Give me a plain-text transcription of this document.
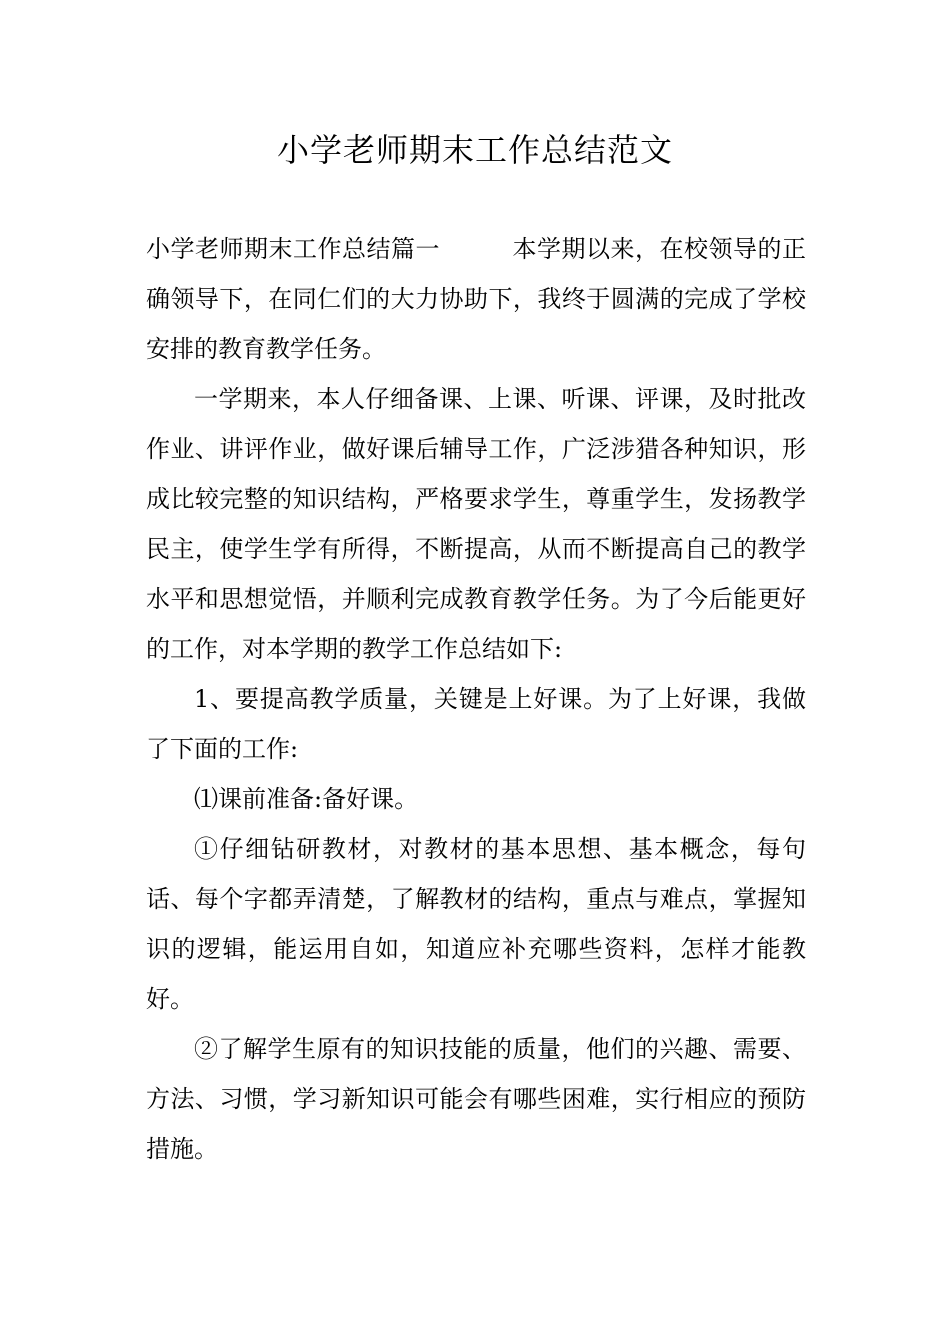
小学老师期末工作总结范文

小学老师期末工作总结篇一	本学期以来，在校领导的正确领导下，在同仁们的大力协助下，我终于圆满的完成了学校安排的教育教学任务。

一学期来，本人仔细备课、上课、听课、评课，及时批改作业、讲评作业，做好课后辅导工作，广泛涉猎各种知识，形成比较完整的知识结构，严格要求学生，尊重学生，发扬教学民主，使学生学有所得，不断提高，从而不断提高自己的教学水平和思想觉悟，并顺利完成教育教学任务。为了今后能更好的工作，对本学期的教学工作总结如下:

1、要提高教学质量，关键是上好课。为了上好课，我做了下面的工作:

⑴课前准备:备好课。

①仔细钻研教材，对教材的基本思想、基本概念，每句话、每个字都弄清楚，了解教材的结构，重点与难点，掌握知识的逻辑，能运用自如，知道应补充哪些资料，怎样才能教好。

②了解学生原有的知识技能的质量，他们的兴趣、需要、方法、习惯，学习新知识可能会有哪些困难，实行相应的预防措施。
